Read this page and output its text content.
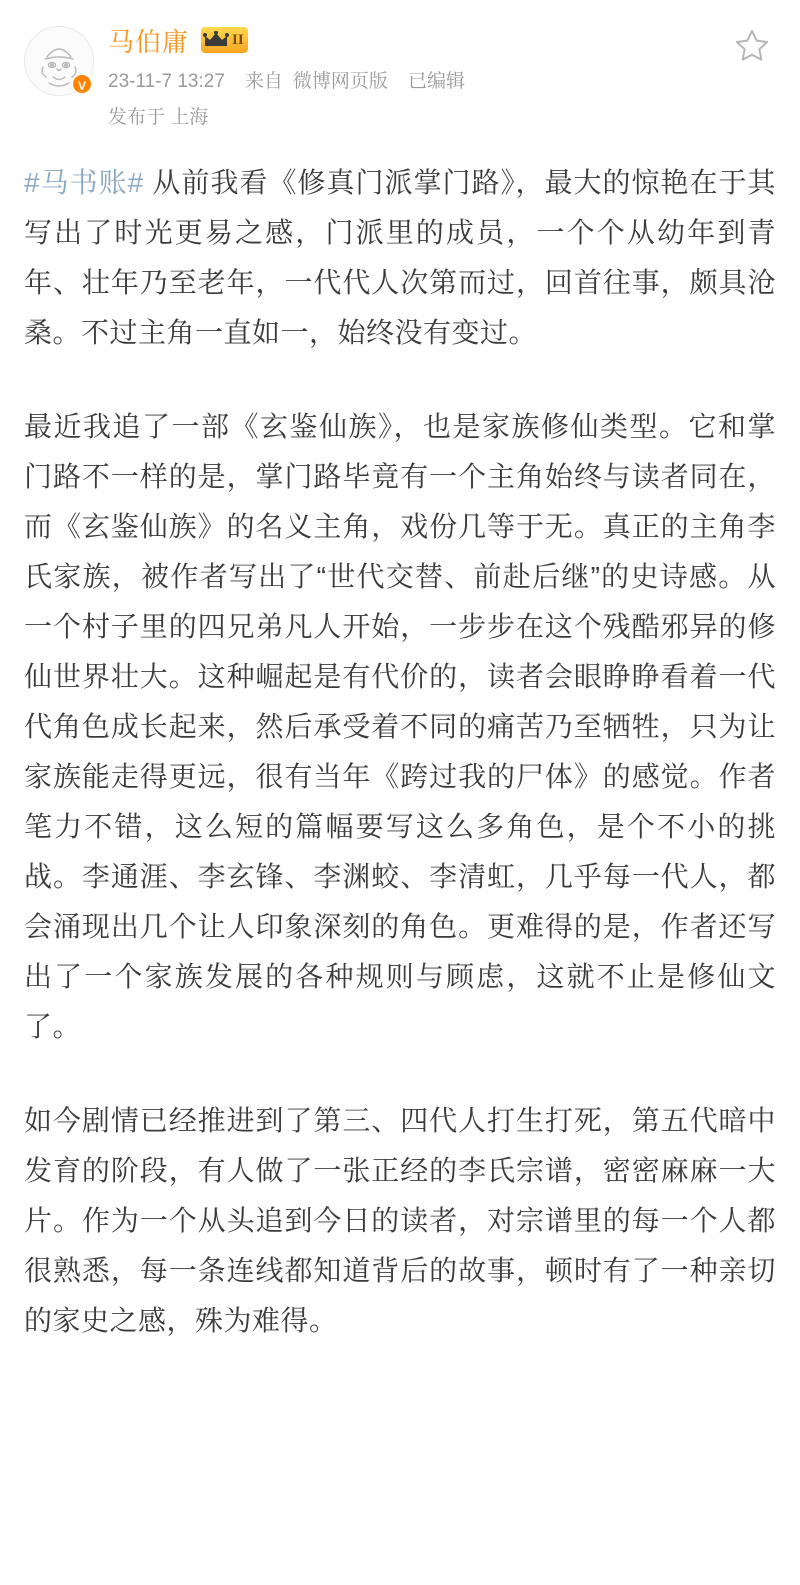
V
马伯庸	II
23-11-7 13:27 来自 微博网页版 已编辑
发布于 上海

#马书账# 从前我看《修真门派掌门路》，最大的惊艳在于其写出了时光更易之感，门派里的成员，一个个从幼年到青年、壮年乃至老年，一代代人次第而过，回首往事，颇具沧桑。不过主角一直如一，始终没有变过。

最近我追了一部《玄鉴仙族》，也是家族修仙类型。它和掌门路不一样的是，掌门路毕竟有一个主角始终与读者同在，而《玄鉴仙族》的名义主角，戏份几等于无。真正的主角李氏家族，被作者写出了“世代交替、前赴后继”的史诗感。从一个村子里的四兄弟凡人开始，一步步在这个残酷邪异的修仙世界壮大。这种崛起是有代价的，读者会眼睁睁看着一代代角色成长起来，然后承受着不同的痛苦乃至牺牲，只为让家族能走得更远，很有当年《跨过我的尸体》的感觉。作者笔力不错，这么短的篇幅要写这么多角色，是个不小的挑战。李通涯、李玄锋、李渊蛟、李清虹，几乎每一代人，都会涌现出几个让人印象深刻的角色。更难得的是，作者还写出了一个家族发展的各种规则与顾虑，这就不止是修仙文了。

如今剧情已经推进到了第三、四代人打生打死，第五代暗中发育的阶段，有人做了一张正经的李氏宗谱，密密麻麻一大片。作为一个从头追到今日的读者，对宗谱里的每一个人都很熟悉，每一条连线都知道背后的故事，顿时有了一种亲切的家史之感，殊为难得。
